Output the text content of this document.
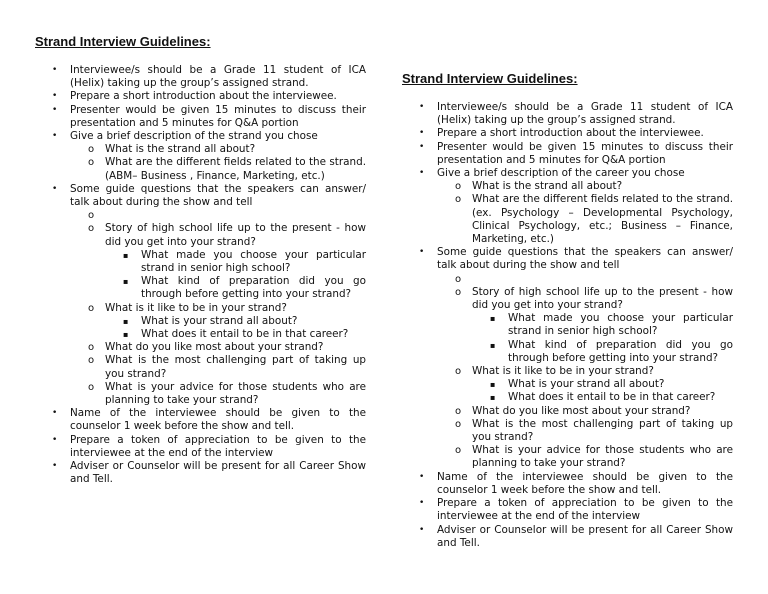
Strand Interview Guidelines:
• Interviewee/s should be a Grade 11 student of ICA (Helix) taking up the group’s assigned strand.
• Prepare a short introduction about the interviewee.
• Presenter would be given 15 minutes to discuss their presentation and 5 minutes for Q&A portion
• Give a brief description of the strand you chose
o What is the strand all about?
o What are the different fields related to the strand. (ABM– Business , Finance, Marketing, etc.)
• Some guide questions that the speakers can answer/ talk about during the show and tell
o

o Story of high school life up to the present - how did you get into your strand?
▪ What made you choose your particular strand in senior high school?
▪ What kind of preparation did you go through before getting into your strand?
o What is it like to be in your strand?
▪ What is your strand all about?
▪ What does it entail to be in that career?
o What do you like most about your strand?
o What is the most challenging part of taking up you strand?
o What is your advice for those students who are planning to take your strand?
• Name of the interviewee should be given to the counselor 1 week before the show and tell.
• Prepare a token of appreciation to be given to the interviewee at the end of the interview
• Adviser or Counselor will be present for all Career Show and Tell.
Strand Interview Guidelines:
• Interviewee/s should be a Grade 11 student of ICA (Helix) taking up the group’s assigned strand.
• Prepare a short introduction about the interviewee.
• Presenter would be given 15 minutes to discuss their presentation and 5 minutes for Q&A portion
• Give a brief description of the career you chose
o What is the strand all about?
o What are the different fields related to the strand. (ex. Psychology – Developmental Psychology, Clinical Psychology, etc.; Business – Finance, Marketing, etc.)
• Some guide questions that the speakers can answer/ talk about during the show and tell
o

o Story of high school life up to the present - how did you get into your strand?
▪ What made you choose your particular strand in senior high school?
▪ What kind of preparation did you go through before getting into your strand?
o What is it like to be in your strand?
▪ What is your strand all about?
▪ What does it entail to be in that career?
o What do you like most about your strand?
o What is the most challenging part of taking up you strand?
o What is your advice for those students who are planning to take your strand?
• Name of the interviewee should be given to the counselor 1 week before the show and tell.
• Prepare a token of appreciation to be given to the interviewee at the end of the interview
• Adviser or Counselor will be present for all Career Show and Tell.
